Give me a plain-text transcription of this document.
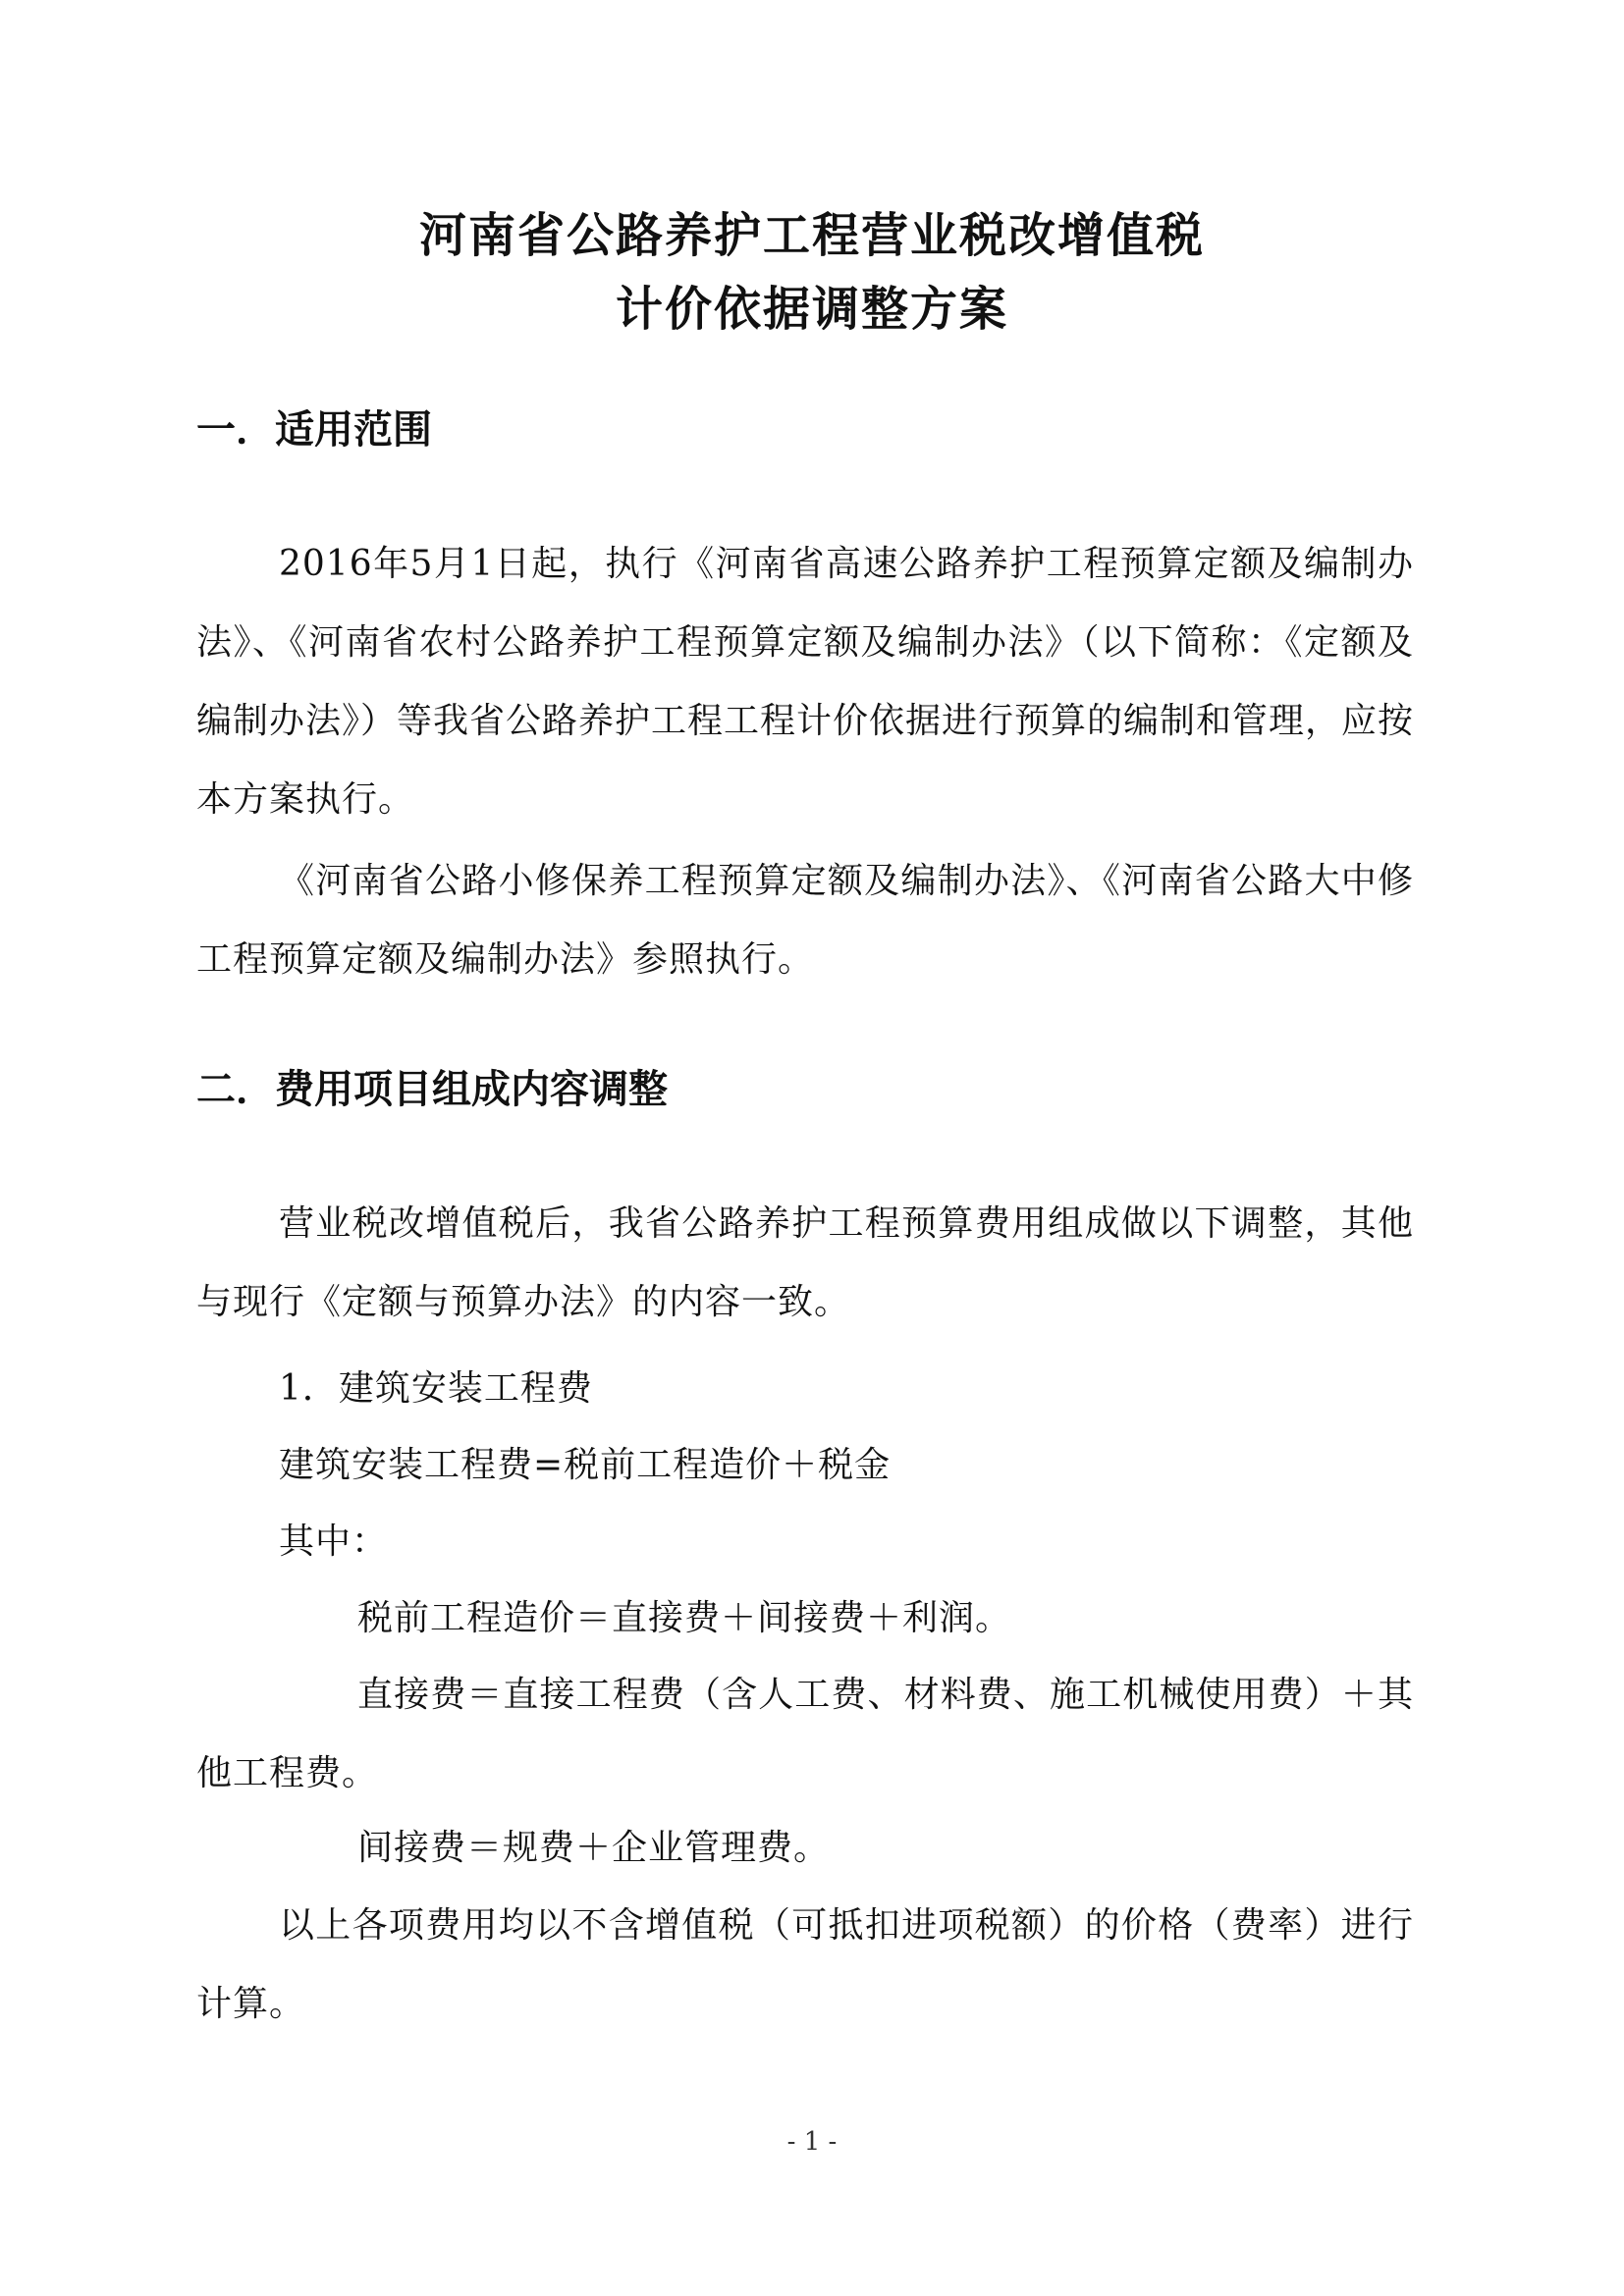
河南省公路养护工程营业税改增值税
计价依据调整方案
一．适用范围

2016年5月1日起，执行《河南省高速公路养护工程预算定额及编制办法》、《河南省农村公路养护工程预算定额及编制办法》（以下简称：《定额及编制办法》）等我省公路养护工程工程计价依据进行预算的编制和管理，应按本方案执行。

《河南省公路小修保养工程预算定额及编制办法》、《河南省公路大中修工程预算定额及编制办法》参照执行。

二．费用项目组成内容调整

营业税改增值税后，我省公路养护工程预算费用组成做以下调整，其他与现行《定额与预算办法》的内容一致。

1．建筑安装工程费

建筑安装工程费=税前工程造价＋税金

其中：

税前工程造价＝直接费＋间接费＋利润。

直接费＝直接工程费（含人工费、材料费、施工机械使用费）＋其他工程费。

间接费＝规费＋企业管理费。

以上各项费用均以不含增值税（可抵扣进项税额）的价格（费率）进行计算。

- 1 -
